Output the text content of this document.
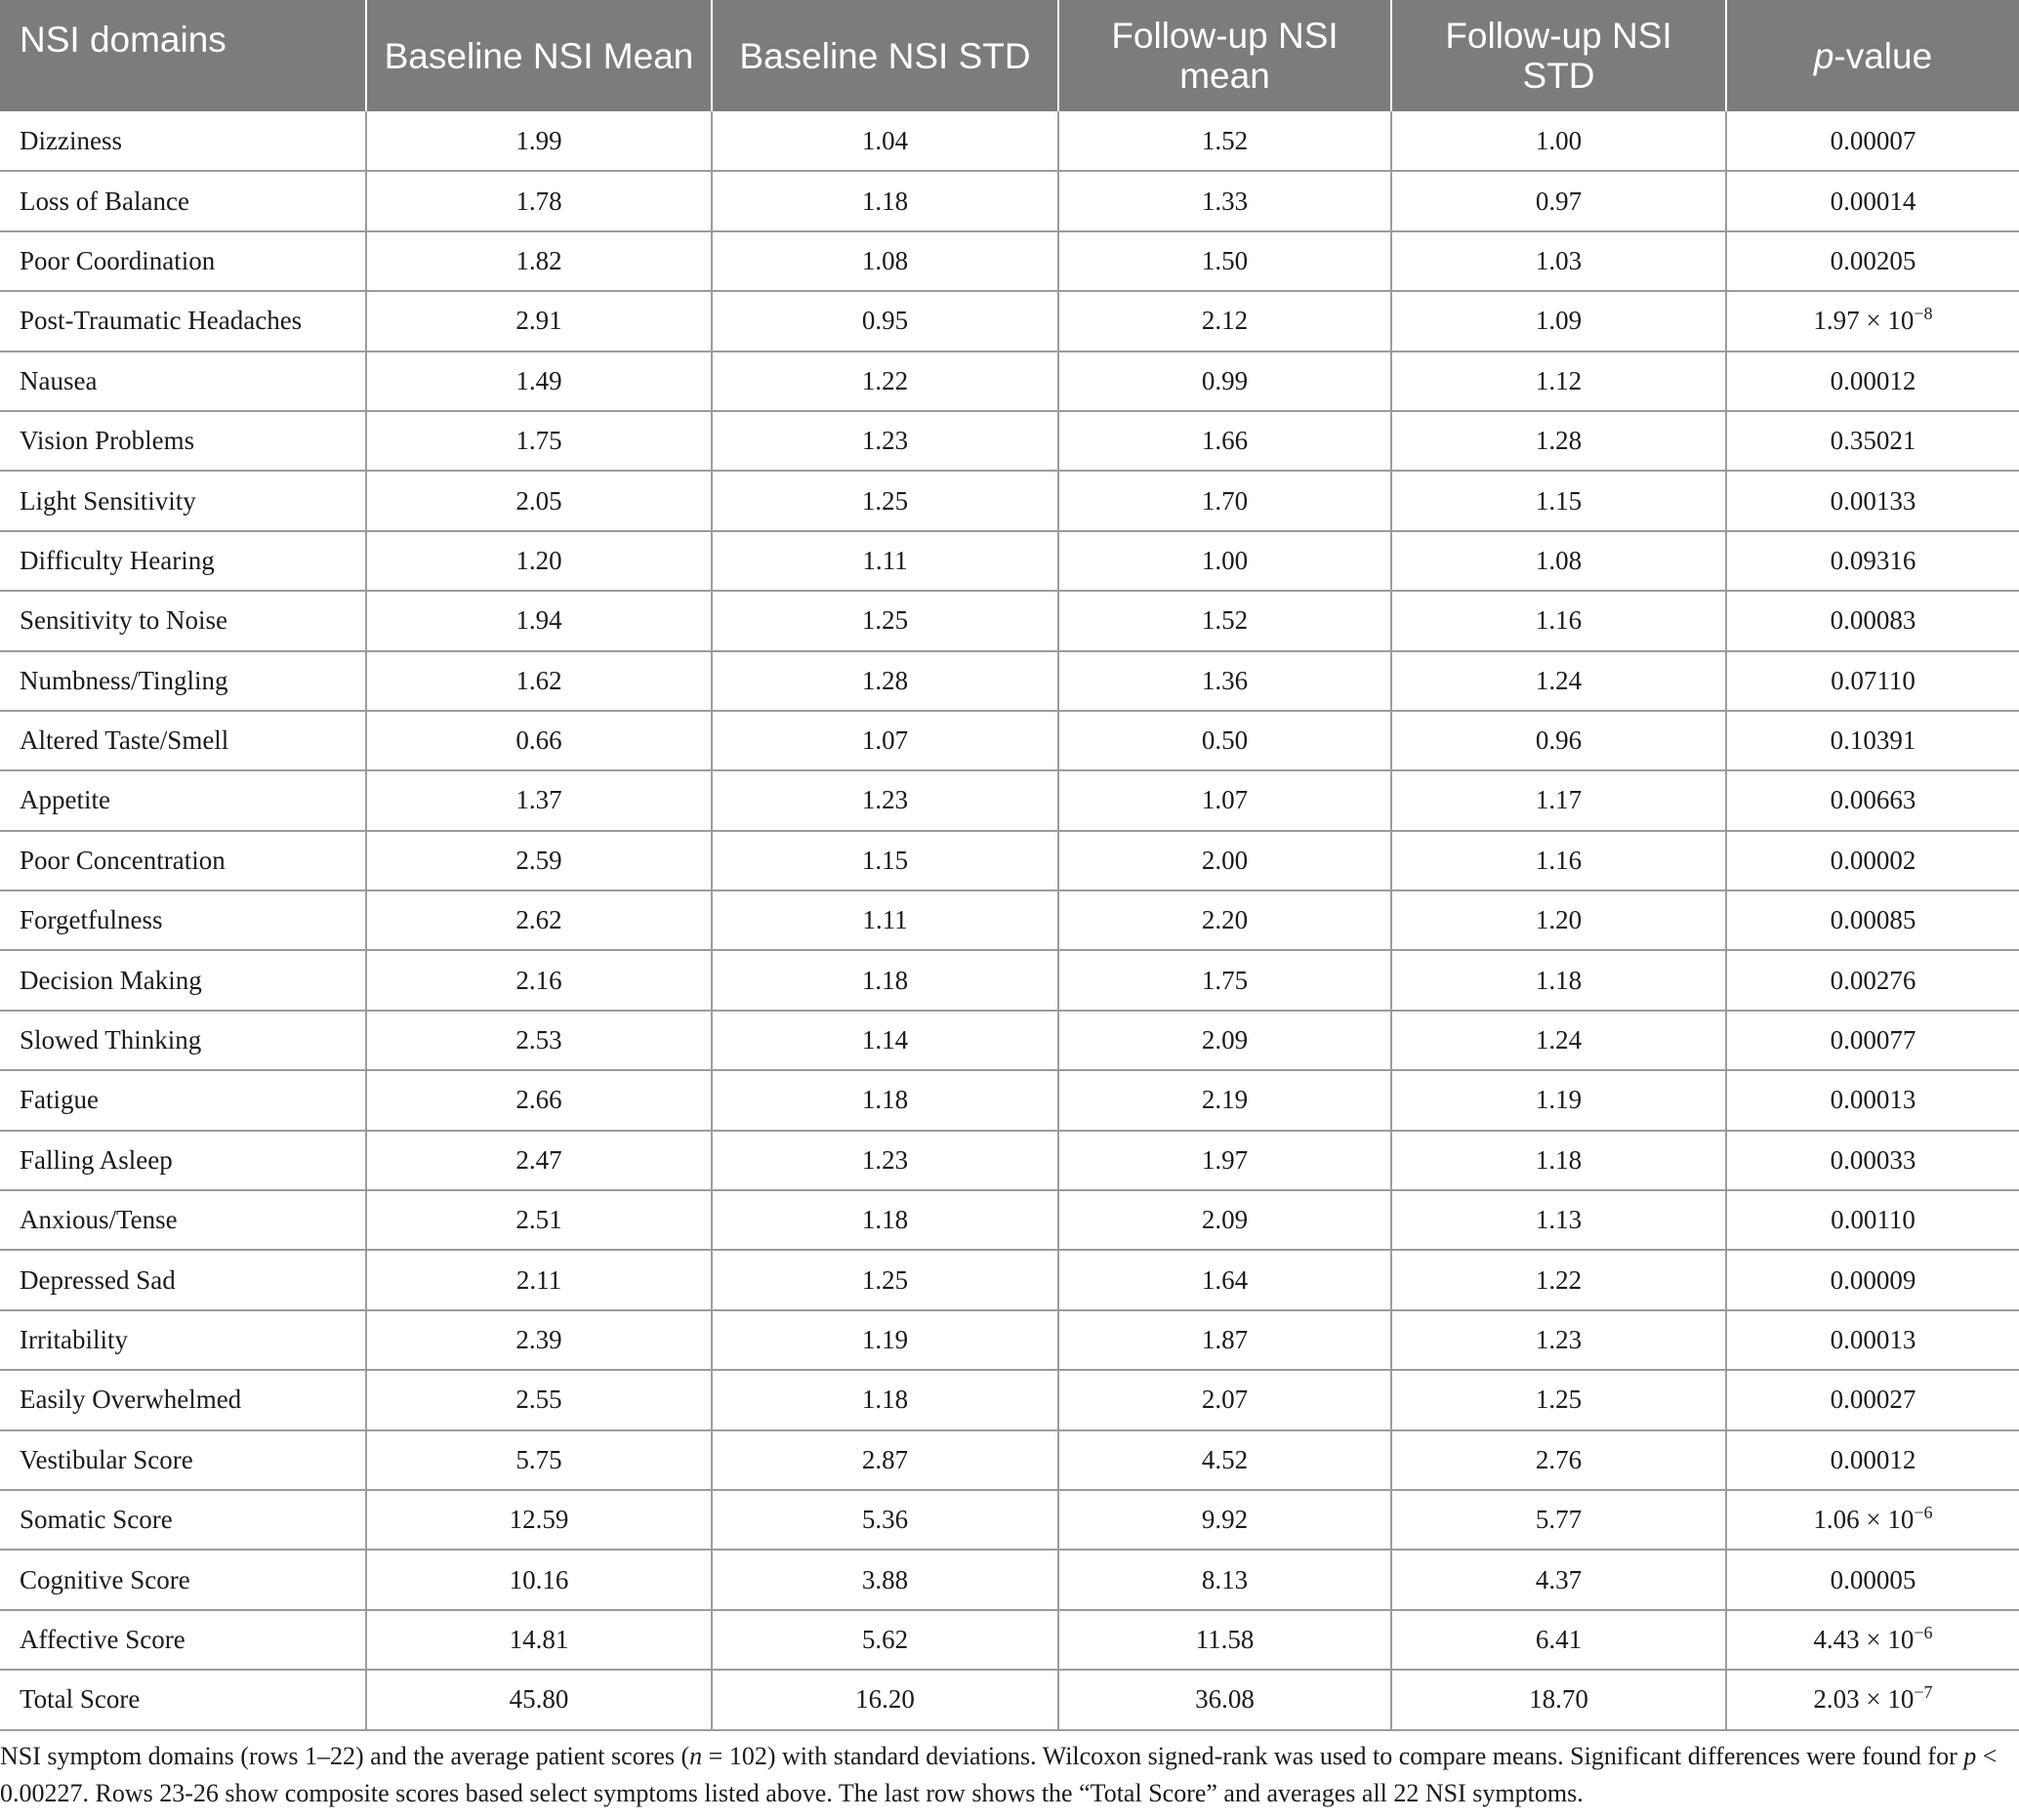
NSI domains	Baseline NSI Mean	Baseline NSI STD	Follow-up NSI mean	Follow-up NSI STD	p-value
Dizziness	1.99	1.04	1.52	1.00	0.00007
Loss of Balance	1.78	1.18	1.33	0.97	0.00014
Poor Coordination	1.82	1.08	1.50	1.03	0.00205
Post-Traumatic Headaches	2.91	0.95	2.12	1.09	$1.97 \times 10^{-8}$
Nausea	1.49	1.22	0.99	1.12	0.00012
Vision Problems	1.75	1.23	1.66	1.28	0.35021
Light Sensitivity	2.05	1.25	1.70	1.15	0.00133
Difficulty Hearing	1.20	1.11	1.00	1.08	0.09316
Sensitivity to Noise	1.94	1.25	1.52	1.16	0.00083
Numbness/Tingling	1.62	1.28	1.36	1.24	0.07110
Altered Taste/Smell	0.66	1.07	0.50	0.96	0.10391
Appetite	1.37	1.23	1.07	1.17	0.00663
Poor Concentration	2.59	1.15	2.00	1.16	0.00002
Forgetfulness	2.62	1.11	2.20	1.20	0.00085
Decision Making	2.16	1.18	1.75	1.18	0.00276
Slowed Thinking	2.53	1.14	2.09	1.24	0.00077
Fatigue	2.66	1.18	2.19	1.19	0.00013
Falling Asleep	2.47	1.23	1.97	1.18	0.00033
Anxious/Tense	2.51	1.18	2.09	1.13	0.00110
Depressed Sad	2.11	1.25	1.64	1.22	0.00009
Irritability	2.39	1.19	1.87	1.23	0.00013
Easily Overwhelmed	2.55	1.18	2.07	1.25	0.00027
Vestibular Score	5.75	2.87	4.52	2.76	0.00012
Somatic Score	12.59	5.36	9.92	5.77	$1.06 \times 10^{-6}$
Cognitive Score	10.16	3.88	8.13	4.37	0.00005
Affective Score	14.81	5.62	11.58	6.41	$4.43 \times 10^{-6}$
Total Score	45.80	16.20	36.08	18.70	$2.03 \times 10^{-7}$
NSI symptom domains (rows 1–22) and the average patient scores (n = 102) with standard deviations. Wilcoxon signed-rank was used to compare means. Significant differences were found for p < 0.00227. Rows 23-26 show composite scores based select symptoms listed above. The last row shows the “Total Score” and averages all 22 NSI symptoms.
